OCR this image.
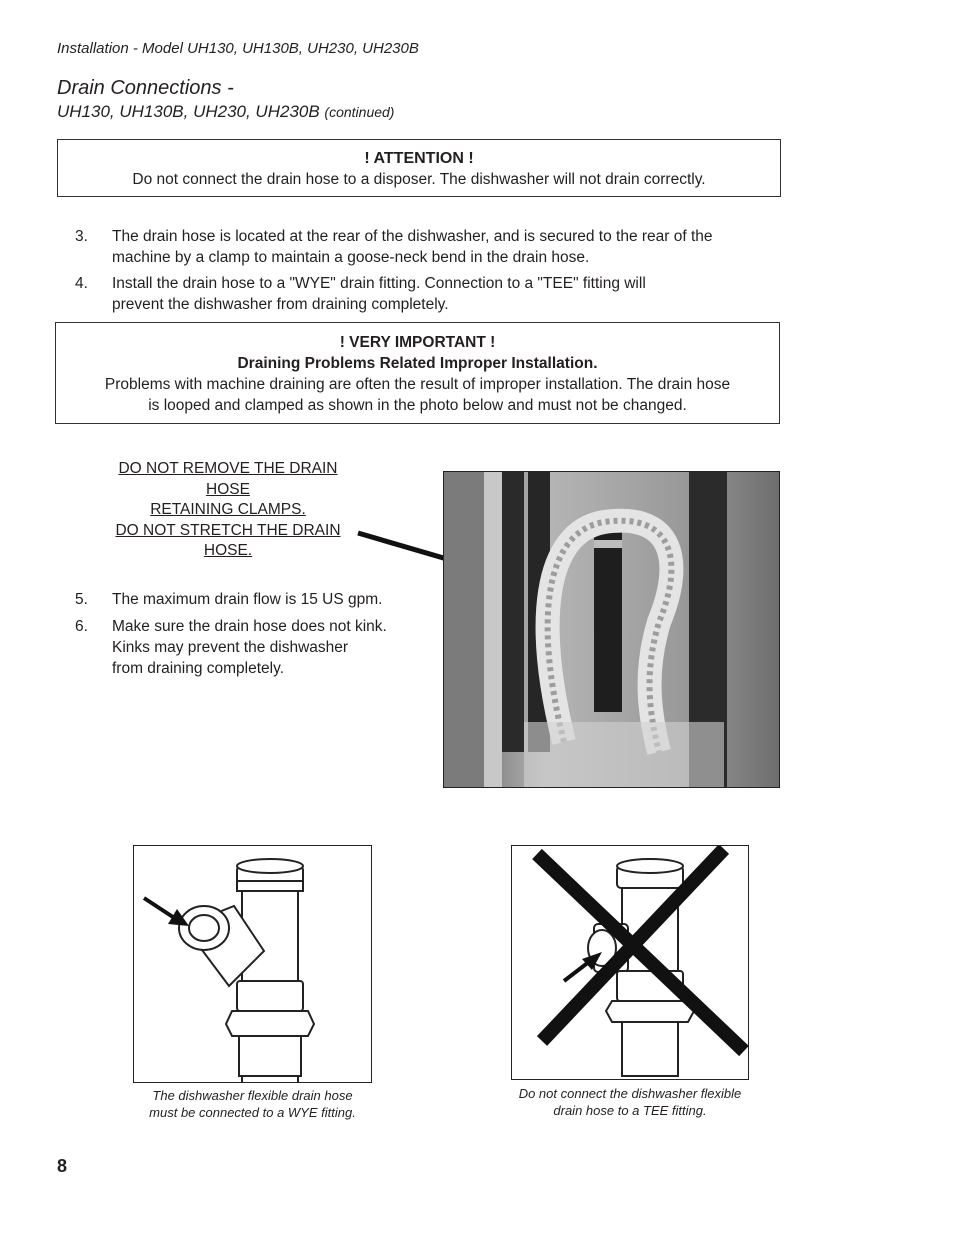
Installation - Model UH130, UH130B, UH230, UH230B
Drain Connections -
UH130, UH130B, UH230, UH230B (continued)
! ATTENTION !
Do not connect the drain hose to a disposer. The dishwasher will not drain correctly.
3. The drain hose is located at the rear of the dishwasher, and is secured to the rear of the
machine by a clamp to maintain a goose-neck bend in the drain hose.
4. Install the drain hose to a "WYE" drain fitting. Connection to a "TEE" fitting will
prevent the dishwasher from draining completely.
! VERY IMPORTANT !
Draining Problems Related Improper Installation.
Problems with machine draining are often the result of improper installation. The drain hose
is looped and clamped as shown in the photo below and must not be changed.
DO NOT REMOVE THE DRAIN
HOSE
RETAINING CLAMPS.
DO NOT STRETCH THE DRAIN
HOSE.
5. The maximum drain flow is 15 US gpm.
6. Make sure the drain hose does not kink.
Kinks may prevent the dishwasher
from draining completely.
The dishwasher flexible drain hose
must be connected to a WYE fitting.
Do not connect the dishwasher flexible
drain hose to a TEE fitting.
8
